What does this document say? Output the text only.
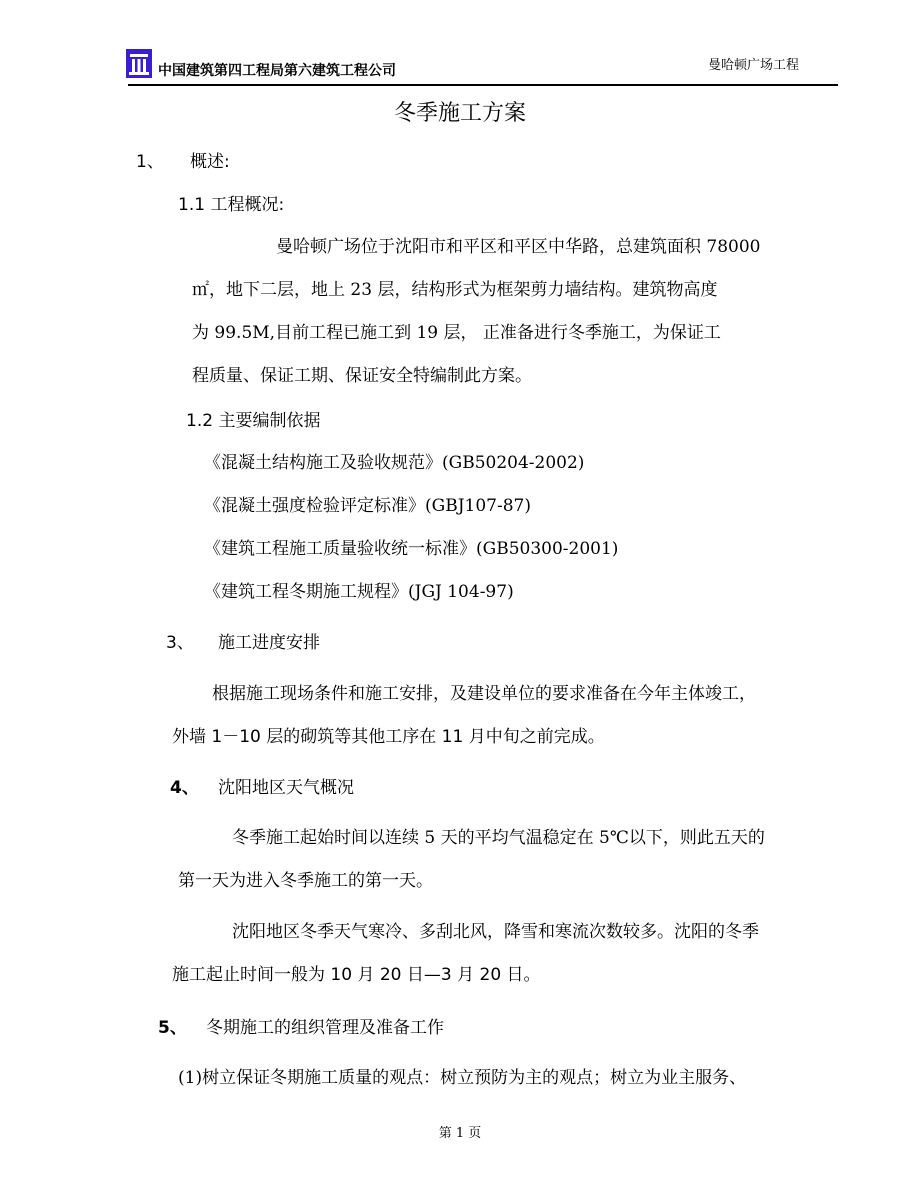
中国建筑第四工程局第六建筑工程公司	曼哈顿广场工程
冬季施工方案
1、 概述:
1.1 工程概况:
曼哈顿广场位于沈阳市和平区和平区中华路，总建筑面积 78000
㎡，地下二层，地上 23 层，结构形式为框架剪力墙结构。建筑物高度
为 99.5M,目前工程已施工到 19 层， 正准备进行冬季施工，为保证工
程质量、保证工期、保证安全特编制此方案。
1.2 主要编制依据
《混凝土结构施工及验收规范》(GB50204-2002)
《混凝土强度检验评定标准》(GBJ107-87)
《建筑工程施工质量验收统一标准》(GB50300-2001)
《建筑工程冬期施工规程》(JGJ 104-97)
3、 施工进度安排
根据施工现场条件和施工安排，及建设单位的要求准备在今年主体竣工，
外墙 1－10 层的砌筑等其他工序在 11 月中旬之前完成。
4、 沈阳地区天气概况
冬季施工起始时间以连续 5 天的平均气温稳定在 5℃以下，则此五天的
第一天为进入冬季施工的第一天。
沈阳地区冬季天气寒冷、多刮北风，降雪和寒流次数较多。沈阳的冬季
施工起止时间一般为 10 月 20 日—3 月 20 日。
5、 冬期施工的组织管理及准备工作
(1)树立保证冬期施工质量的观点：树立预防为主的观点；树立为业主服务、
第 1 页
